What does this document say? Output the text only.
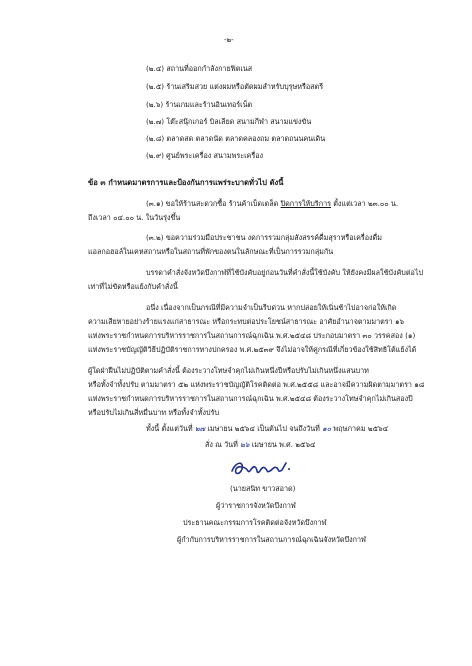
-๒-
(๒.๔) สถานที่ออกกำลังกายฟิตเนส
(๒.๕) ร้านเสริมสวย แต่งผมหรือตัดผมสำหรับบุรุษหรือสตรี
(๒.๖) ร้านเกมและร้านอินเทอร์เน็ต
(๒.๗) โต๊ะสนุ๊กเกอร์ บิลเลียด สนามกีฬา สนามแข่งขัน
(๒.๘) ตลาดสด ตลาดนัด ตลาดคลองถม ตลาดถนนคนเดิน
(๒.๙) ศูนย์พระเครื่อง สนามพระเครื่อง
ข้อ ๓ กำหนดมาตรการและป้องกันการแพร่ระบาดทั่วไป ดังนี้
(๓.๑) ขอให้ร้านสะดวกซื้อ ร้านค้าเบ็ดเตล็ด ปิดการให้บริการ ตั้งแต่เวลา ๒๓.๐๐ น.
ถึงเวลา ๐๔.๐๐ น. ในวันรุ่งขึ้น
(๓.๒) ขอความร่วมมือประชาชน งดการรวมกลุ่มสังสรรค์ดื่มสุราหรือเครื่องดื่ม
แอลกอฮอล์ในเคหสถานหรือในสถานที่พักของตนในลักษณะที่เป็นการรวมกลุ่มกัน
บรรดาคำสั่งจังหวัดบึงกาฬที่ใช้บังคับอยู่ก่อนวันที่คำสั่งนี้ใช้บังคับ ให้ยังคงมีผลใช้บังคับต่อไป
เท่าที่ไม่ขัดหรือแย้งกับคำสั่งนี้
อนึ่ง เนื่องจากเป็นกรณีที่มีความจำเป็นรีบด่วน หากปล่อยให้เนิ่นช้าไปอาจก่อให้เกิด
ความเสียหายอย่างร้ายแรงแก่สาธารณะ หรือกระทบต่อประโยชน์สาธารณะ อาศัยอำนาจตามมาตรา ๑๖
แห่งพระราชกำหนดการบริหารราชการในสถานการณ์ฉุกเฉิน พ.ศ.๒๕๔๘ ประกอบมาตรา ๓๐ วรรคสอง (๑)
แห่งพระราชบัญญัติวิธีปฏิบัติราชการทางปกครอง พ.ศ.๒๕๓๙ จึงไม่อาจให้คู่กรณีที่เกี่ยวข้องใช้สิทธิโต้แย้งได้
ผู้ใดฝ่าฝืนไม่ปฏิบัติตามคำสั่งนี้ ต้องระวางโทษจำคุกไม่เกินหนึ่งปีหรือปรับไม่เกินหนึ่งแสนบาท
หรือทั้งจำทั้งปรับ ตามมาตรา ๕๒ แห่งพระราชบัญญัติโรคติดต่อ พ.ศ.๒๕๕๘ และอาจมีความผิดตามมาตรา ๑๘
แห่งพระราชกำหนดการบริหารราชการในสถานการณ์ฉุกเฉิน พ.ศ.๒๕๔๘ ต้องระวางโทษจำคุกไม่เกินสองปี
หรือปรับไม่เกินสี่หมื่นบาท หรือทั้งจำทั้งปรับ
ทั้งนี้ ตั้งแต่วันที่ ๒๗ เมษายน ๒๕๖๔ เป็นต้นไป จนถึงวันที่ ๑๐ พฤษภาคม ๒๕๖๔
สั่ง ณ วันที่ ๒๖ เมษายน พ.ศ. ๒๕๖๔
(นายสนิท ขาวสอาด)
ผู้ว่าราชการจังหวัดบึงกาฬ
ประธานคณะกรรมการโรคติดต่อจังหวัดบึงกาฬ
ผู้กำกับการบริหารราชการในสถานการณ์ฉุกเฉินจังหวัดบึงกาฬ
